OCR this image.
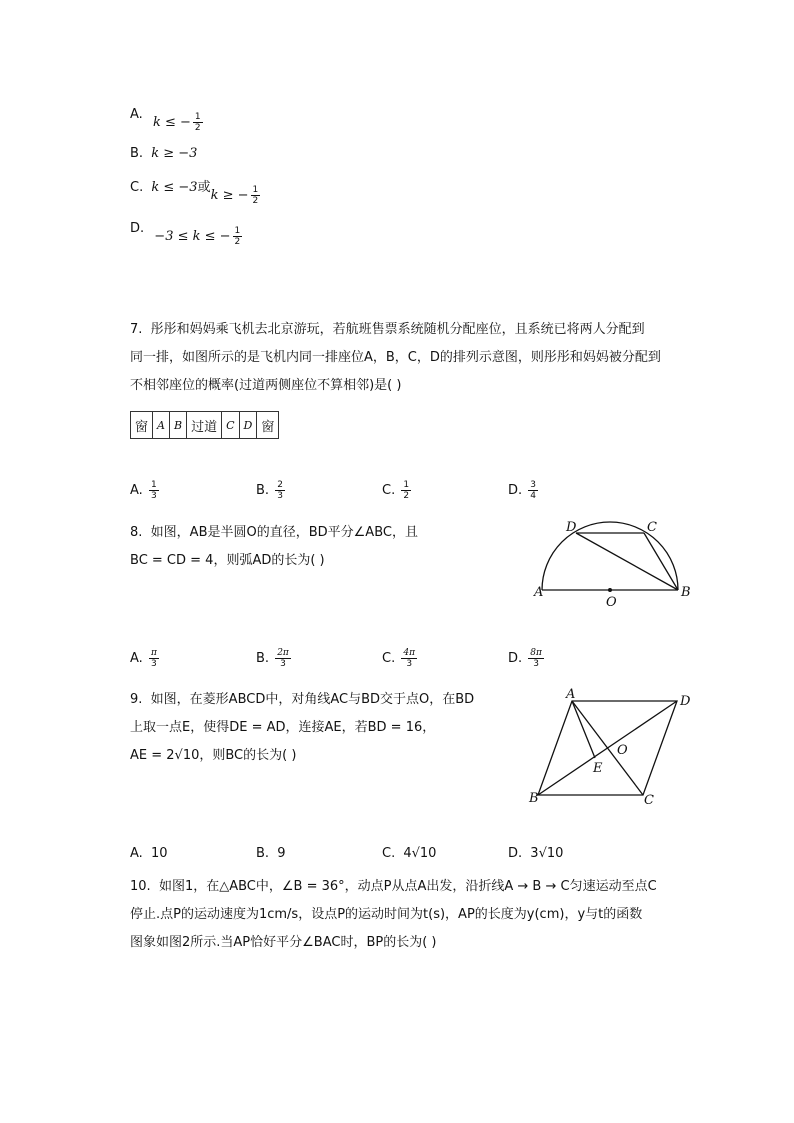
A. k ≤ − $\frac{1}{2}$
B. k ≥ −3
C. k ≤ −3或k ≥ − $\frac{1}{2}$
D. −3 ≤ k ≤ − $\frac{1}{2}$
7. 彤彤和妈妈乘飞机去北京游玩，若航班售票系统随机分配座位，且系统已将两人分配到
同一排，如图所示的是飞机内同一排座位A，B，C，D的排列示意图，则彤彤和妈妈被分配到
不相邻座位的概率(过道两侧座位不算相邻)是( )
窗	A	B	过道	C	D	窗
A. $\frac{1}{3}$	B. $\frac{2}{3}$	C. $\frac{1}{2}$	D. $\frac{3}{4}$
8. 如图，AB是半圆O的直径，BD平分∠ABC，且
BC = CD = 4，则弧AD的长为( )
A	B
C
D
O
A. $\frac{\pi}{3}$	B. $\frac{2\pi}{3}$	C. $\frac{4\pi}{3}$	D. $\frac{8\pi}{3}$
9. 如图，在菱形ABCD中，对角线AC与BD交于点O，在BD
上取一点E，使得DE = AD，连接AE，若BD = 16，
AE = 2√10，则BC的长为( )
A	D
B	C
O
E
A. 10	B. 9	C. 4√10	D. 3√10
10. 如图1，在△ABC中，∠B = 36°，动点P从点A出发，沿折线A → B → C匀速运动至点C
停止.点P的运动速度为1cm/s，设点P的运动时间为t(s)，AP的长度为y(cm)，y与t的函数
图象如图2所示.当AP恰好平分∠BAC时，BP的长为( )
